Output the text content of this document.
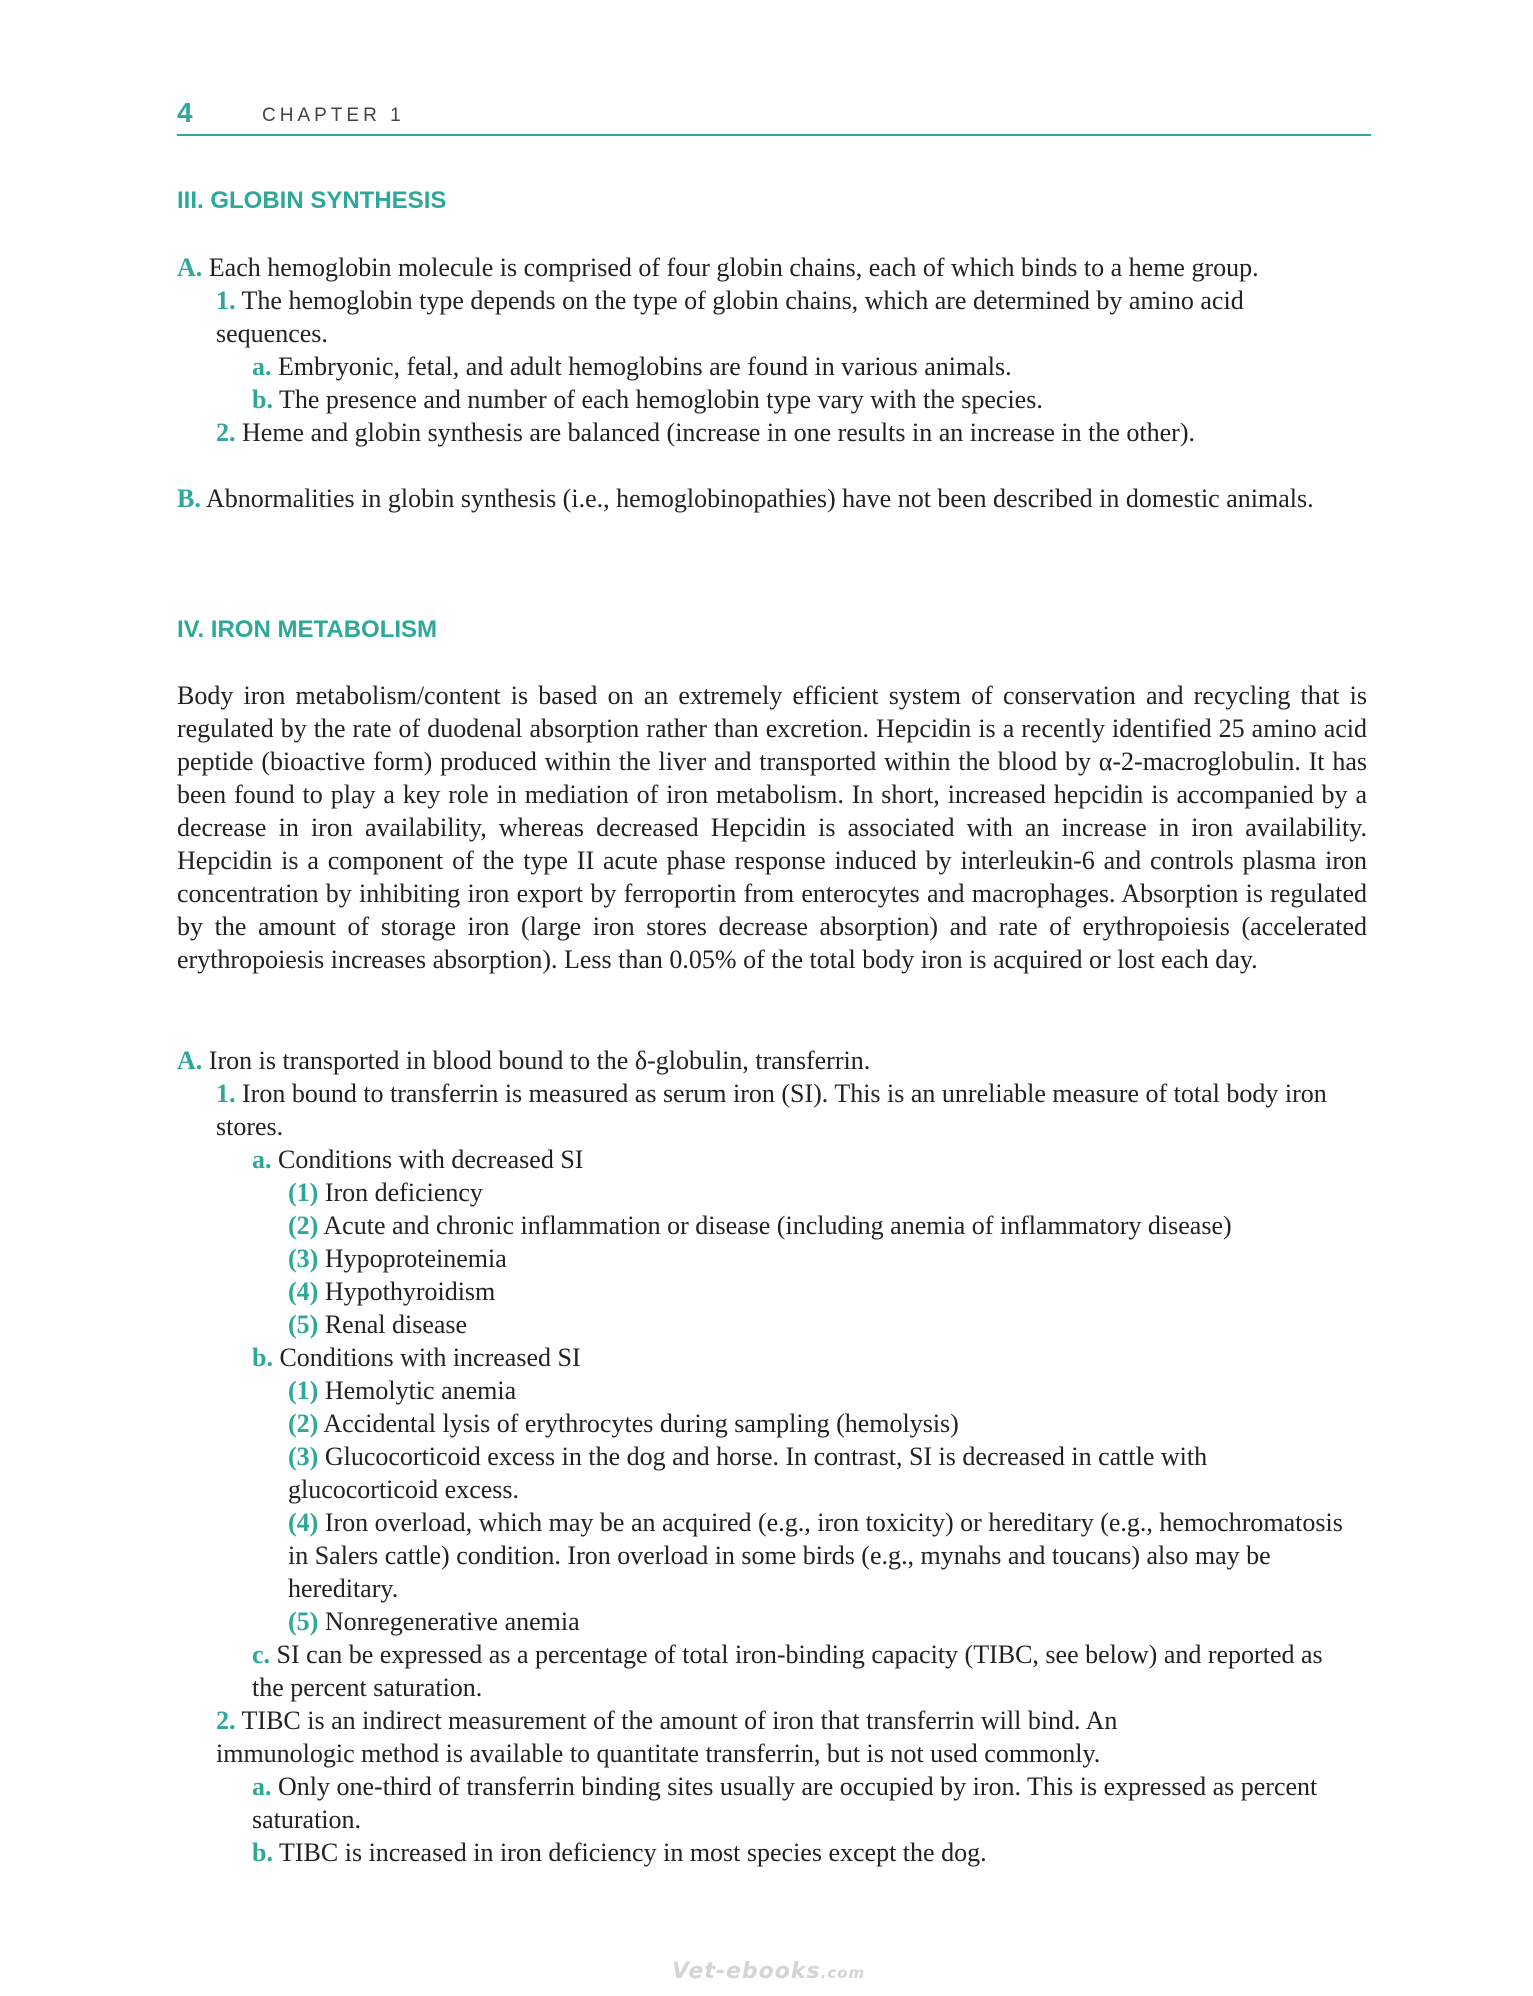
4	CHAPTER 1
III. GLOBIN SYNTHESIS

A. Each hemoglobin molecule is comprised of four globin chains, each of which binds to a heme group.

1. The hemoglobin type depends on the type of globin chains, which are determined by amino acid sequences.

a. Embryonic, fetal, and adult hemoglobins are found in various animals.

b. The presence and number of each hemoglobin type vary with the species.

2. Heme and globin synthesis are balanced (increase in one results in an increase in the other).

B. Abnormalities in globin synthesis (i.e., hemoglobinopathies) have not been described in domestic animals.

IV. IRON METABOLISM

Body iron metabolism/content is based on an extremely efficient system of conservation and recycling that is regulated by the rate of duodenal absorption rather than excretion. Hepcidin is a recently identified 25 amino acid peptide (bioactive form) produced within the liver and transported within the blood by α-2-macroglobulin. It has been found to play a key role in mediation of iron metabolism. In short, increased hepcidin is accompanied by a decrease in iron availability, whereas decreased Hepcidin is associated with an increase in iron availability. Hepcidin is a component of the type II acute phase response induced by interleukin-6 and controls plasma iron concentration by inhibiting iron export by ferroportin from enterocytes and macrophages. Absorption is regulated by the amount of storage iron (large iron stores decrease absorption) and rate of erythropoiesis (accelerated erythropoiesis increases absorption). Less than 0.05% of the total body iron is acquired or lost each day.

A. Iron is transported in blood bound to the δ-globulin, transferrin.

1. Iron bound to transferrin is measured as serum iron (SI). This is an unreliable measure of total body iron stores.

a. Conditions with decreased SI

(1) Iron deficiency

(2) Acute and chronic inflammation or disease (including anemia of inflammatory disease)

(3) Hypoproteinemia

(4) Hypothyroidism

(5) Renal disease

b. Conditions with increased SI

(1) Hemolytic anemia

(2) Accidental lysis of erythrocytes during sampling (hemolysis)

(3) Glucocorticoid excess in the dog and horse. In contrast, SI is decreased in cattle with glucocorticoid excess.

(4) Iron overload, which may be an acquired (e.g., iron toxicity) or hereditary (e.g., hemochromatosis in Salers cattle) condition. Iron overload in some birds (e.g., mynahs and toucans) also may be hereditary.

(5) Nonregenerative anemia

c. SI can be expressed as a percentage of total iron-binding capacity (TIBC, see below) and reported as the percent saturation.

2. TIBC is an indirect measurement of the amount of iron that transferrin will bind. An immunologic method is available to quantitate transferrin, but is not used commonly.

a. Only one-third of transferrin binding sites usually are occupied by iron. This is expressed as percent saturation.

b. TIBC is increased in iron deficiency in most species except the dog.

Vet-ebooks.com
